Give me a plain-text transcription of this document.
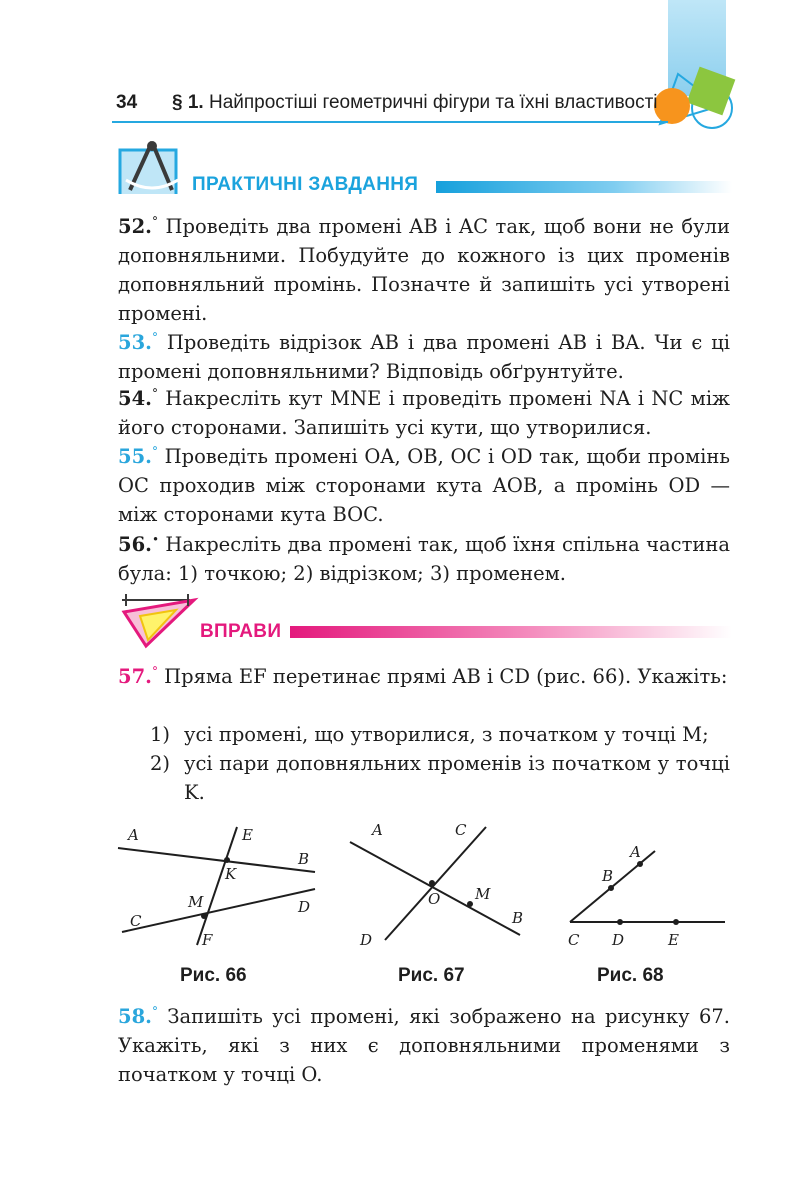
34 § 1. Найпростіші геометричні фігури та їхні властивості
ПРАКТИЧНІ ЗАВДАННЯ

52.° Проведіть два промені AB і AC так, щоб вони не були доповняльними. Побудуйте до кожного із цих променів доповняльний промінь. Позначте й запишіть усі утворені промені.

53.° Проведіть відрізок AB і два промені AB і BA. Чи є ці промені доповняльними? Відповідь обґрунтуйте.

54.° Накресліть кут MNE і проведіть промені NA і NC між його сторонами. Запишіть усі кути, що утворилися.

55.° Проведіть промені OA, OB, OC і OD так, щоби промінь OC проходив між сторонами кута AOB, а промінь OD — між сторонами кута BOC.

56.• Накресліть два промені так, щоб їхня спільна частина була: 1) точкою; 2) відрізком; 3) променем.

ВПРАВИ

57.° Пряма EF перетинає прямі AB і CD (рис. 66). Укажіть:

1) усі промені, що утворилися, з початком у точці M;
2) усі пари доповняльних променів із початком у точці K.
A	E
B
K
M	D
C
F
A	C
O M
B
D
A
B
C D	E
Рис. 66	Рис. 67	Рис. 68

58.° Запишіть усі промені, які зображено на рисунку 67. Укажіть, які з них є доповняльними променями з початком у точці O.
